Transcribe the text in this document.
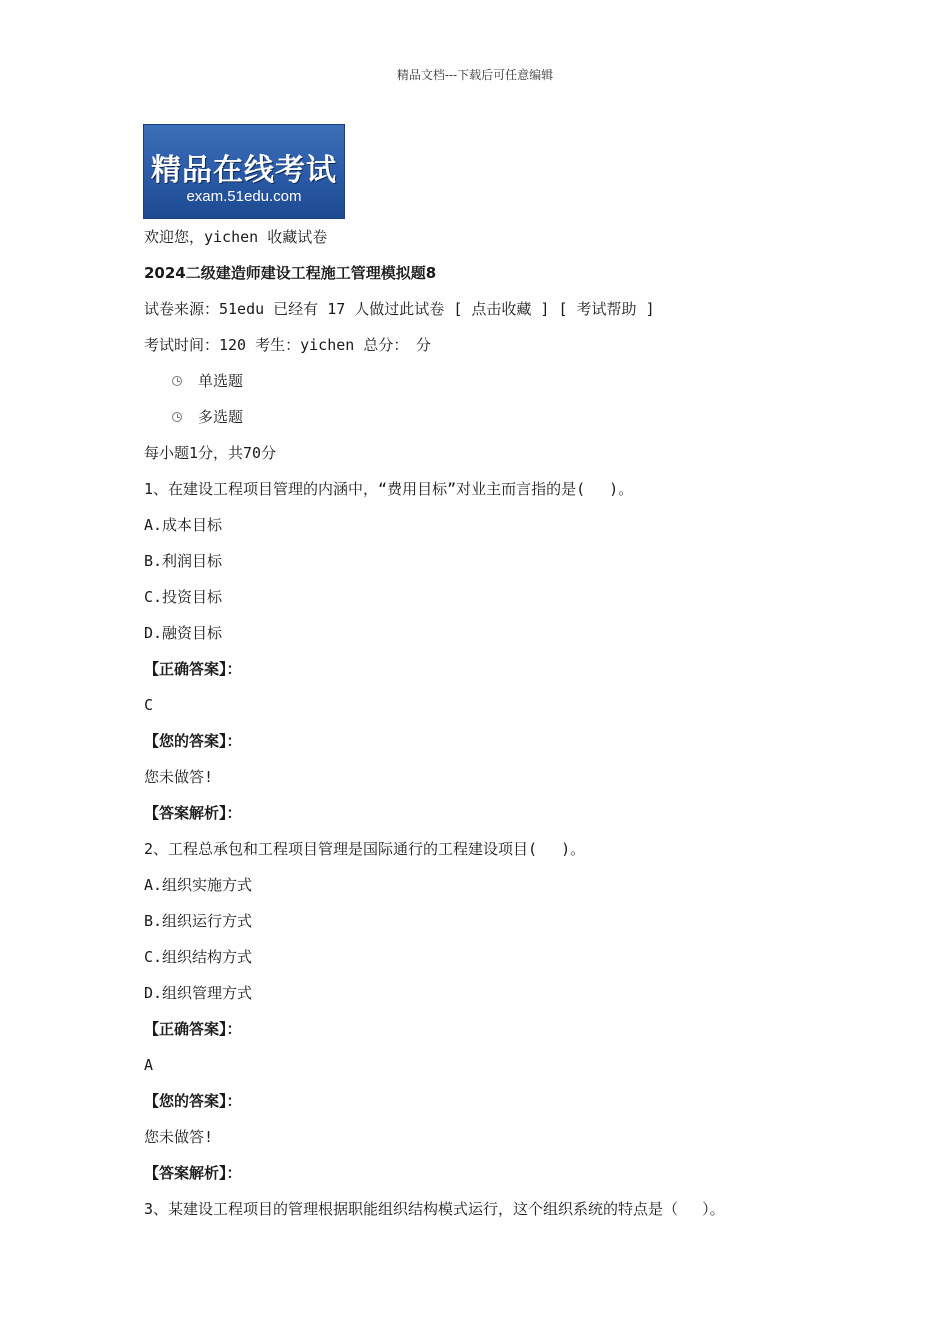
精品文档---下载后可任意编辑
精品在线考试
exam.51edu.com
欢迎您，yichen 收藏试卷
2024二级建造师建设工程施工管理模拟题8
试卷来源：51edu 已经有 17 人做过此试卷 [ 点击收藏 ] [ 考试帮助 ]
考试时间：120 考生：yichen 总分：　分
单选题
多选题
每小题1分，共70分
1、在建设工程项目管理的内涵中，“费用目标”对业主而言指的是(　 )。
A.成本目标
B.利润目标
C.投资目标
D.融资目标
【正确答案】：
C
【您的答案】：
您未做答!
【答案解析】：
2、工程总承包和工程项目管理是国际通行的工程建设项目(　 )。
A.组织实施方式
B.组织运行方式
C.组织结构方式
D.组织管理方式
【正确答案】：
A
【您的答案】：
您未做答!
【答案解析】：
3、某建设工程项目的管理根据职能组织结构模式运行，这个组织系统的特点是（　 ）。
